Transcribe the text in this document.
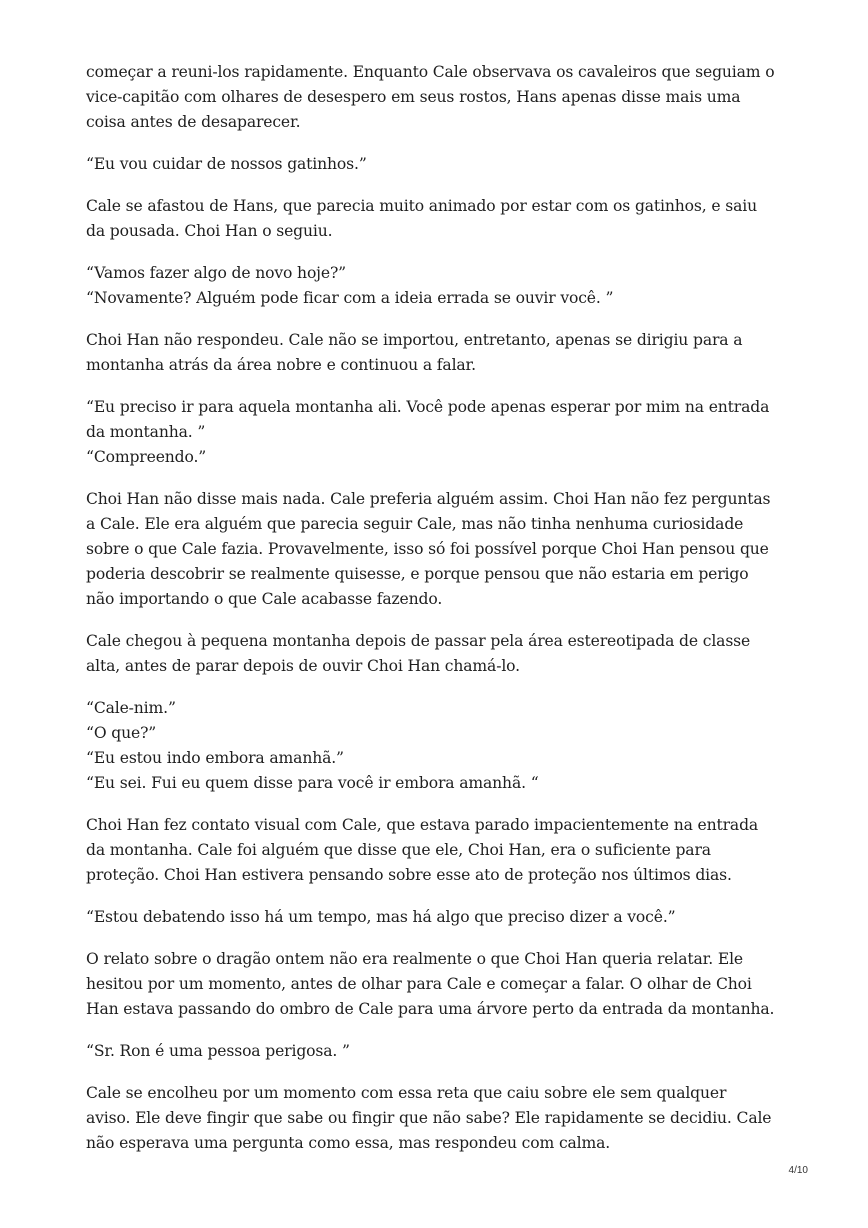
começar a reuni-los rapidamente. Enquanto Cale observava os cavaleiros que seguiam o
vice-capitão com olhares de desespero em seus rostos, Hans apenas disse mais uma
coisa antes de desaparecer.

“Eu vou cuidar de nossos gatinhos.”

Cale se afastou de Hans, que parecia muito animado por estar com os gatinhos, e saiu
da pousada. Choi Han o seguiu.

“Vamos fazer algo de novo hoje?”
“Novamente? Alguém pode ficar com a ideia errada se ouvir você. ”

Choi Han não respondeu. Cale não se importou, entretanto, apenas se dirigiu para a
montanha atrás da área nobre e continuou a falar.

“Eu preciso ir para aquela montanha ali. Você pode apenas esperar por mim na entrada
da montanha. ”
“Compreendo.”

Choi Han não disse mais nada. Cale preferia alguém assim. Choi Han não fez perguntas
a Cale. Ele era alguém que parecia seguir Cale, mas não tinha nenhuma curiosidade
sobre o que Cale fazia. Provavelmente, isso só foi possível porque Choi Han pensou que
poderia descobrir se realmente quisesse, e porque pensou que não estaria em perigo
não importando o que Cale acabasse fazendo.

Cale chegou à pequena montanha depois de passar pela área estereotipada de classe
alta, antes de parar depois de ouvir Choi Han chamá-lo.

“Cale-nim.”
“O que?”
“Eu estou indo embora amanhã.”
“Eu sei. Fui eu quem disse para você ir embora amanhã. “

Choi Han fez contato visual com Cale, que estava parado impacientemente na entrada
da montanha. Cale foi alguém que disse que ele, Choi Han, era o suficiente para
proteção. Choi Han estivera pensando sobre esse ato de proteção nos últimos dias.

“Estou debatendo isso há um tempo, mas há algo que preciso dizer a você.”

O relato sobre o dragão ontem não era realmente o que Choi Han queria relatar. Ele
hesitou por um momento, antes de olhar para Cale e começar a falar. O olhar de Choi
Han estava passando do ombro de Cale para uma árvore perto da entrada da montanha.

“Sr. Ron é uma pessoa perigosa. ”

Cale se encolheu por um momento com essa reta que caiu sobre ele sem qualquer
aviso. Ele deve fingir que sabe ou fingir que não sabe? Ele rapidamente se decidiu. Cale
não esperava uma pergunta como essa, mas respondeu com calma.

4/10
